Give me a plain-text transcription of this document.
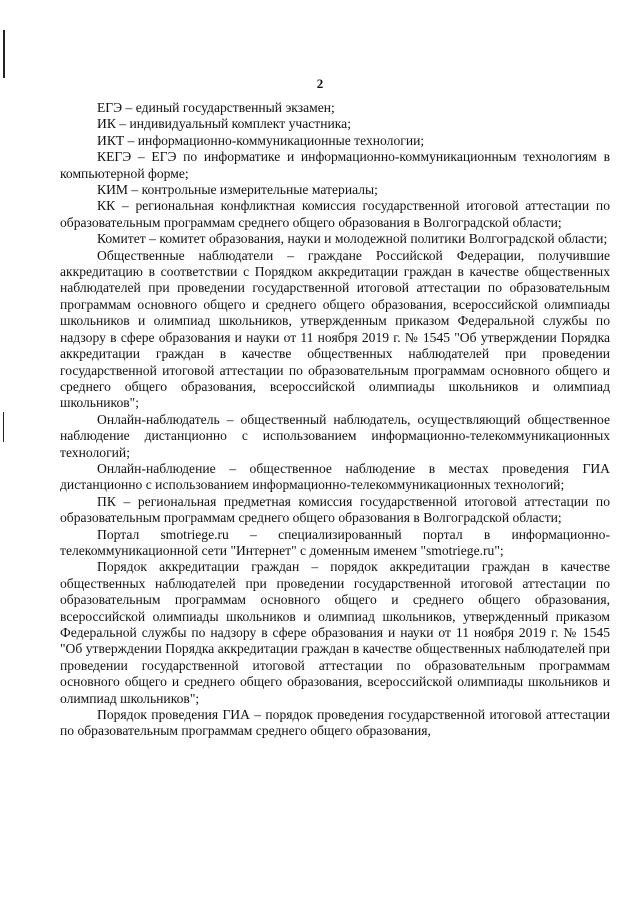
2

ЕГЭ – единый государственный экзамен;

ИК – индивидуальный комплект участника;

ИКТ – информационно-коммуникационные технологии;

КЕГЭ – ЕГЭ по информатике и информационно-коммуникационным технологиям в компьютерной форме;

КИМ – контрольные измерительные материалы;

КК – региональная конфликтная комиссия государственной итоговой аттестации по образовательным программам среднего общего образования в Волгоградской области;

Комитет – комитет образования, науки и молодежной политики Волгоградской области;

Общественные наблюдатели – граждане Российской Федерации, получившие аккредитацию в соответствии с Порядком аккредитации граждан в качестве общественных наблюдателей при проведении государственной итоговой аттестации по образовательным программам основного общего и среднего общего образования, всероссийской олимпиады школьников и олимпиад школьников, утвержденным приказом Федеральной службы по надзору в сфере образования и науки от 11 ноября 2019 г. № 1545 "Об утверждении Порядка аккредитации граждан в качестве общественных наблюдателей при проведении государственной итоговой аттестации по образовательным программам основного общего и среднего общего образования, всероссийской олимпиады школьников и олимпиад школьников";

Онлайн-наблюдатель – общественный наблюдатель, осуществляющий общественное наблюдение дистанционно с использованием информационно-телекоммуникационных технологий;

Онлайн-наблюдение – общественное наблюдение в местах проведения ГИА дистанционно с использованием информационно-телекоммуникационных технологий;

ПК – региональная предметная комиссия государственной итоговой аттестации по образовательным программам среднего общего образования в Волгоградской области;

Портал smotriege.ru – специализированный портал в информационно-телекоммуникационной сети "Интернет" с доменным именем "smotriege.ru";

Порядок аккредитации граждан – порядок аккредитации граждан в качестве общественных наблюдателей при проведении государственной итоговой аттестации по образовательным программам основного общего и среднего общего образования, всероссийской олимпиады школьников и олимпиад школьников, утвержденный приказом Федеральной службы по надзору в сфере образования и науки от 11 ноября 2019 г. № 1545 "Об утверждении Порядка аккредитации граждан в качестве общественных наблюдателей при проведении государственной итоговой аттестации по образовательным программам основного общего и среднего общего образования, всероссийской олимпиады школьников и олимпиад школьников";

Порядок проведения ГИА – порядок проведения государственной итоговой аттестации по образовательным программам среднего общего образования,
